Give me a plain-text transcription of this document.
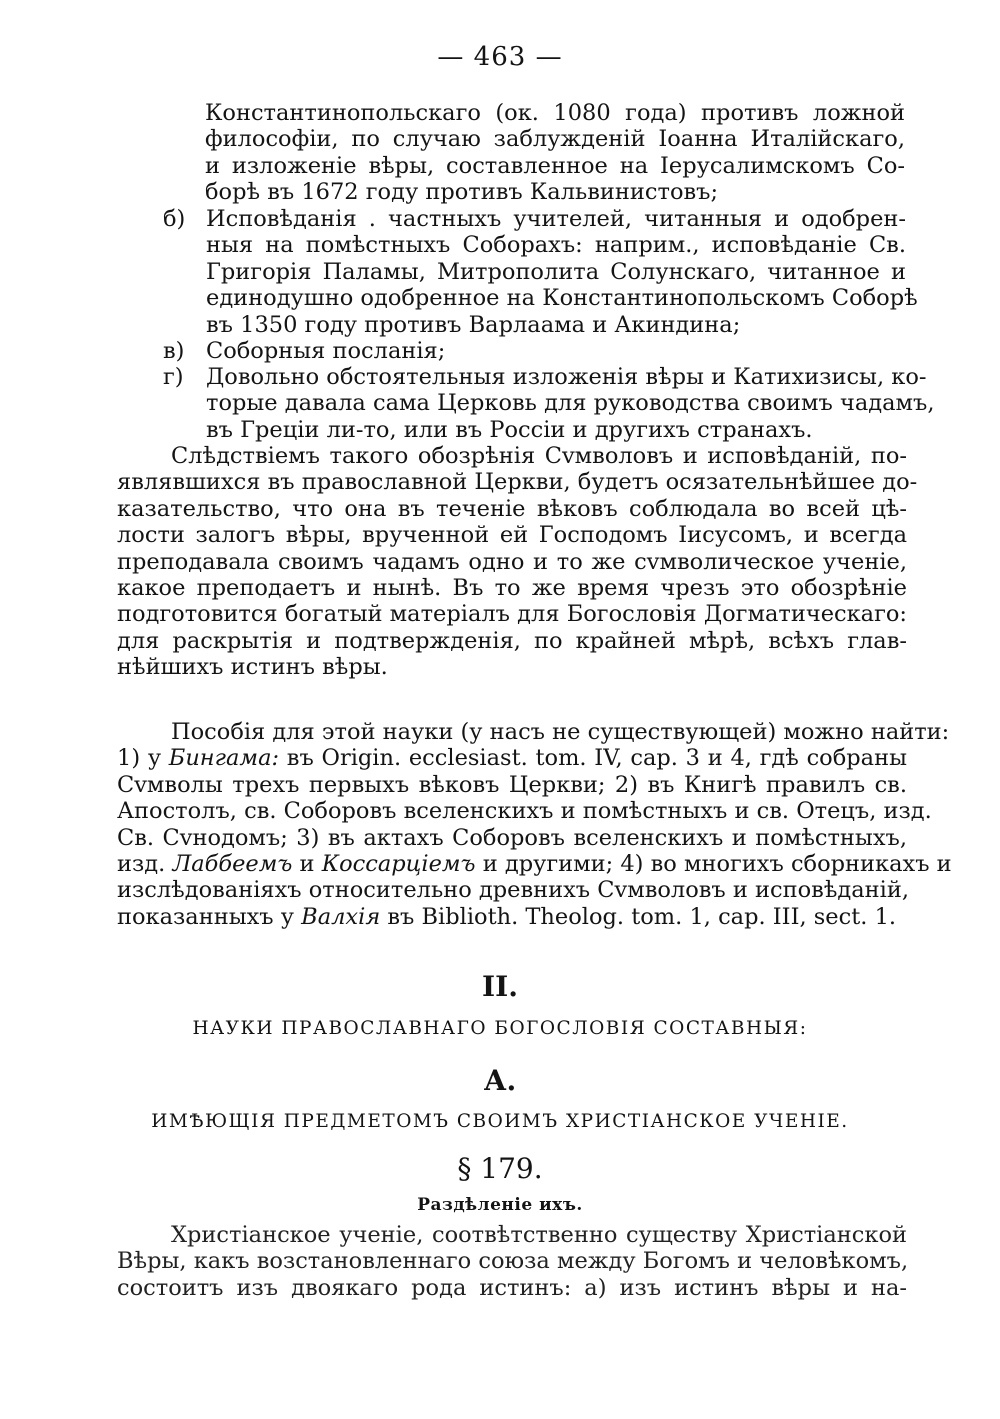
— 463 —
Константинопольскаго (ок. 1080 года) противъ ложной
философіи, по случаю заблужденій Іоанна Италійскаго,
и изложеніе вѣры, составленное на Іерусалимскомъ Со-
борѣ въ 1672 году противъ Кальвинистовъ;
б) Исповѣданія . частныхъ учителей, читанныя и одобрен-
ныя на помѣстныхъ Соборахъ: наприм., исповѣданіе Св.
Григорія Паламы, Митрополита Солунскаго, читанное и
единодушно одобренное на Константинопольскомъ Соборѣ
въ 1350 году противъ Варлаама и Акиндина;
в) Соборныя посланія;
г) Довольно обстоятельныя изложенія вѣры и Катихизисы, ко-
торые давала сама Церковь для руководства своимъ чадамъ,
въ Греціи ли-то, или въ Россіи и другихъ странахъ.
Слѣдствіемъ такого обозрѣнія Сvмволовъ и исповѣданій, по-
являвшихся въ православной Церкви, будетъ осязательнѣйшее до-
казательство, что она въ теченіе вѣковъ соблюдала во всей цѣ-
лости залогъ вѣры, врученной ей Господомъ Іисусомъ, и всегда
преподавала своимъ чадамъ одно и то же сvмволическое ученіе,
какое преподаетъ и нынѣ. Въ то же время чрезъ это обозрѣніе
подготовится богатый матеріалъ для Богословія Догматическаго:
для раскрытія и подтвержденія, по крайней мѣрѣ, всѣхъ глав-
нѣйшихъ истинъ вѣры.
Пособія для этой науки (у насъ не существующей) можно найти:
1) у Бингама: въ Origin. ecclesiast. tom. IV, cap. 3 и 4, гдѣ собраны
Сvмволы трехъ первыхъ вѣковъ Церкви; 2) въ Книгѣ правилъ св.
Апостолъ, св. Соборовъ вселенскихъ и помѣстныхъ и св. Отецъ, изд.
Св. Сvнодомъ; 3) въ актахъ Соборовъ вселенскихъ и помѣстныхъ,
изд. Лаббеемъ и Коссарціемъ и другими; 4) во многихъ сборникахъ и
изслѣдованіяхъ относительно древнихъ Сvмволовъ и исповѣданій,
показанныхъ у Валхія въ Biblioth. Theolog. tom. 1, cap. III, sect. 1.
II.
НАУКИ ПРАВОСЛАВНАГО БОГОСЛОВІЯ СОСТАВНЫЯ:
А.
ИМѢЮЩІЯ ПРЕДМЕТОМЪ СВОИМЪ ХРИСТІАНСКОЕ УЧЕНІЕ.
§ 179.
Раздѣленіе ихъ.
Христіанское ученіе, соотвѣтственно существу Христіанской
Вѣры, какъ возстановленнаго союза между Богомъ и человѣкомъ,
состоитъ изъ двоякаго рода истинъ: а) изъ истинъ вѣры и на-
